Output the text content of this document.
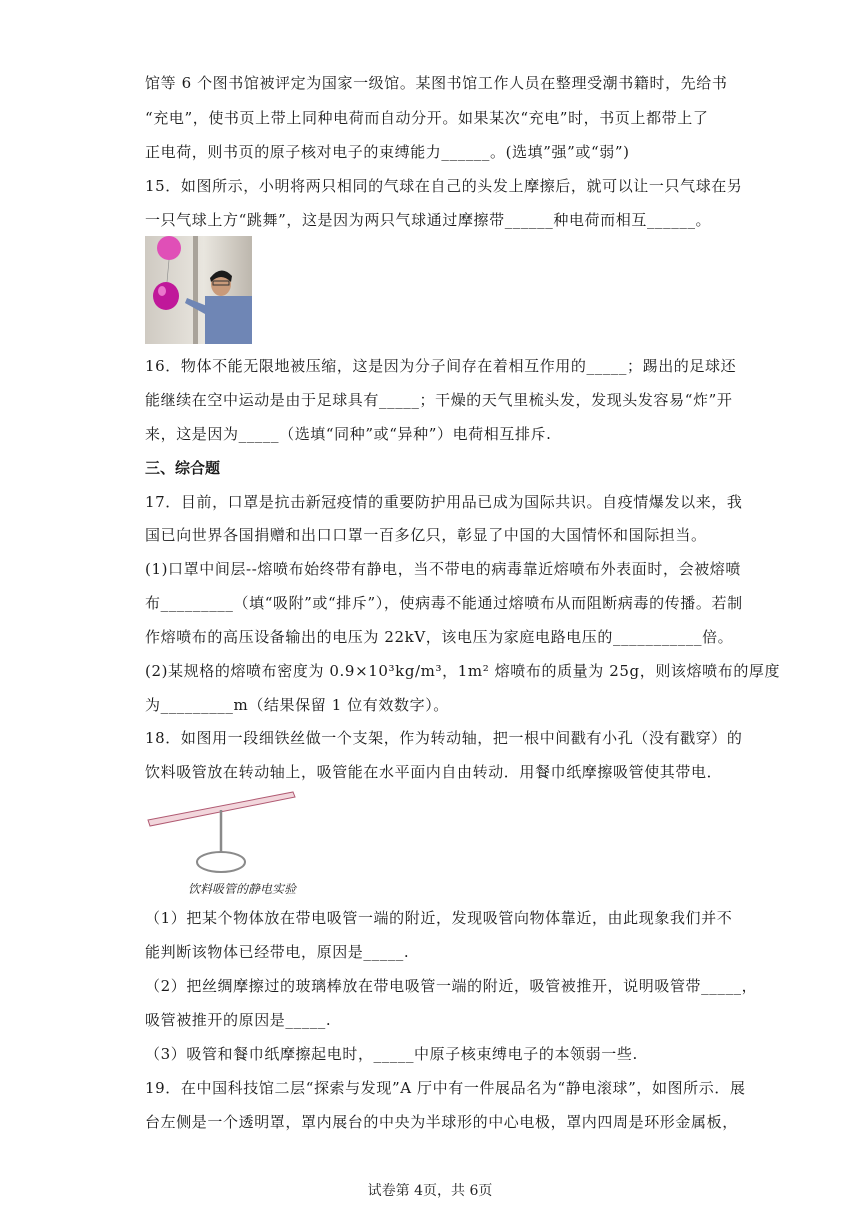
馆等 6 个图书馆被评定为国家一级馆。某图书馆工作人员在整理受潮书籍时，先给书
“充电”，使书页上带上同种电荷而自动分开。如果某次“充电”时，书页上都带上了
正电荷，则书页的原子核对电子的束缚能力______。(选填”强”或“弱”)
15．如图所示，小明将两只相同的气球在自己的头发上摩擦后，就可以让一只气球在另
一只气球上方“跳舞”，这是因为两只气球通过摩擦带______种电荷而相互______。
16．物体不能无限地被压缩，这是因为分子间存在着相互作用的_____；踢出的足球还
能继续在空中运动是由于足球具有_____；干燥的天气里梳头发，发现头发容易“炸”开
来，这是因为_____（选填“同种”或“异种”）电荷相互排斥.
三、综合题
17．目前，口罩是抗击新冠疫情的重要防护用品已成为国际共识。自疫情爆发以来，我
国已向世界各国捐赠和出口口罩一百多亿只，彰显了中国的大国情怀和国际担当。
(1)口罩中间层--熔喷布始终带有静电，当不带电的病毒靠近熔喷布外表面时，会被熔喷
布_________（填“吸附”或“排斥”），使病毒不能通过熔喷布从而阻断病毒的传播。若制
作熔喷布的高压设备输出的电压为 22kV，该电压为家庭电路电压的___________倍。
(2)某规格的熔喷布密度为 0.9×10³kg/m³，1m² 熔喷布的质量为 25g，则该熔喷布的厚度
为_________m（结果保留 1 位有效数字）。
18．如图用一段细铁丝做一个支架，作为转动轴，把一根中间戳有小孔（没有戳穿）的
饮料吸管放在转动轴上，吸管能在水平面内自由转动．用餐巾纸摩擦吸管使其带电．
饮料吸管的静电实验
（1）把某个物体放在带电吸管一端的附近，发现吸管向物体靠近，由此现象我们并不
能判断该物体已经带电，原因是_____.
（2）把丝绸摩擦过的玻璃棒放在带电吸管一端的附近，吸管被推开，说明吸管带_____，
吸管被推开的原因是_____.
（3）吸管和餐巾纸摩擦起电时，_____中原子核束缚电子的本领弱一些.
19．在中国科技馆二层“探索与发现”A 厅中有一件展品名为“静电滚球”，如图所示．展
台左侧是一个透明罩，罩内展台的中央为半球形的中心电极，罩内四周是环形金属板，
试卷第 4页，共 6页
